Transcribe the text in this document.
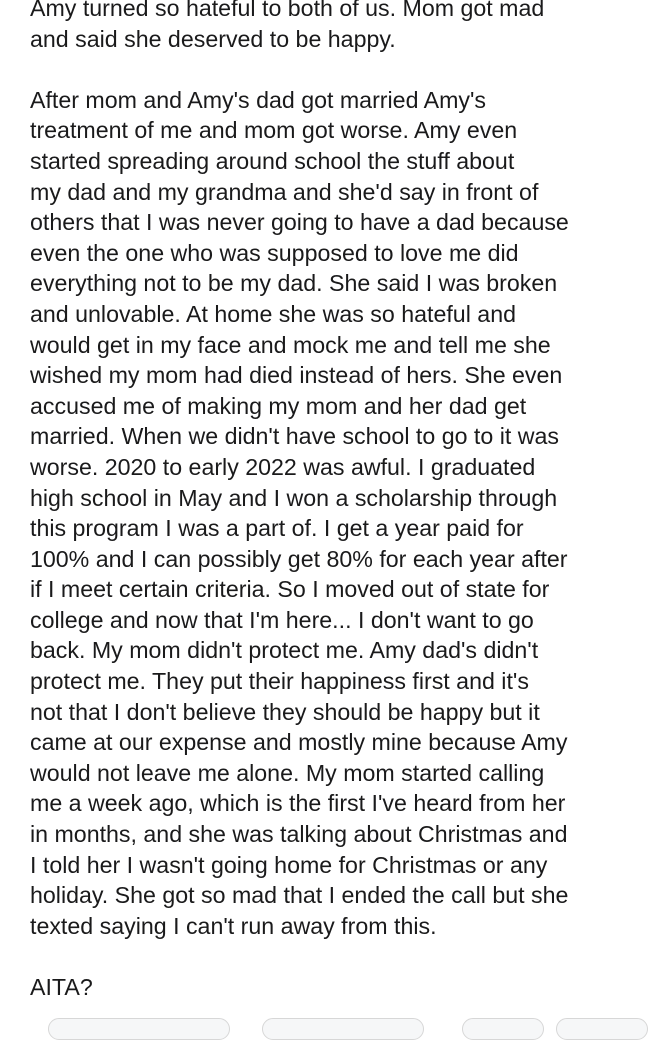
Amy turned so hateful to both of us. Mom got mad
and said she deserved to be happy.

After mom and Amy's dad got married Amy's
treatment of me and mom got worse. Amy even
started spreading around school the stuff about
my dad and my grandma and she'd say in front of
others that I was never going to have a dad because
even the one who was supposed to love me did
everything not to be my dad. She said I was broken
and unlovable. At home she was so hateful and
would get in my face and mock me and tell me she
wished my mom had died instead of hers. She even
accused me of making my mom and her dad get
married. When we didn't have school to go to it was
worse. 2020 to early 2022 was awful. I graduated
high school in May and I won a scholarship through
this program I was a part of. I get a year paid for
100% and I can possibly get 80% for each year after
if I meet certain criteria. So I moved out of state for
college and now that I'm here... I don't want to go
back. My mom didn't protect me. Amy dad's didn't
protect me. They put their happiness first and it's
not that I don't believe they should be happy but it
came at our expense and mostly mine because Amy
would not leave me alone. My mom started calling
me a week ago, which is the first I've heard from her
in months, and she was talking about Christmas and
I told her I wasn't going home for Christmas or any
holiday. She got so mad that I ended the call but she
texted saying I can't run away from this.

AITA?
